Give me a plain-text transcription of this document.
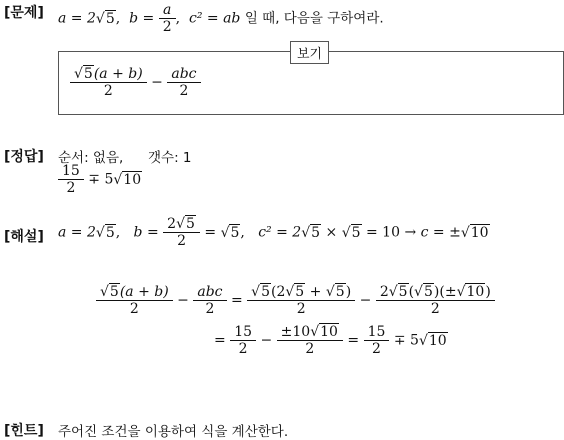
[문제] a = 2√5,  $b = \frac{a}{2}$ ,  c² = ab 일 때, 다음을 구하여라.
보기
$\frac{√5(a + b)}{2} - \frac{\text{abc}}{2}$
[정답] 순서: 없음, 갯수: 1
$\frac{15}{2} \mp 5√10$
[해설] a = 2√5,   $b = \frac{2√5}{2} = √5$,   c² = 2√5 × √5 = 10 → c = ±√10
$\frac{√5(a + b)}{2} - \frac{\text{abc}}{2} = \frac{√5(2√5 + √5)}{2} - \frac{2√5(√5)(\pm√10)}{2}$
= $\frac{15}{2} - \frac{\pm 10√10}{2} = \frac{15}{2} \mp 5√10$
[힌트] 주어진 조건을 이용하여 식을 계산한다.
